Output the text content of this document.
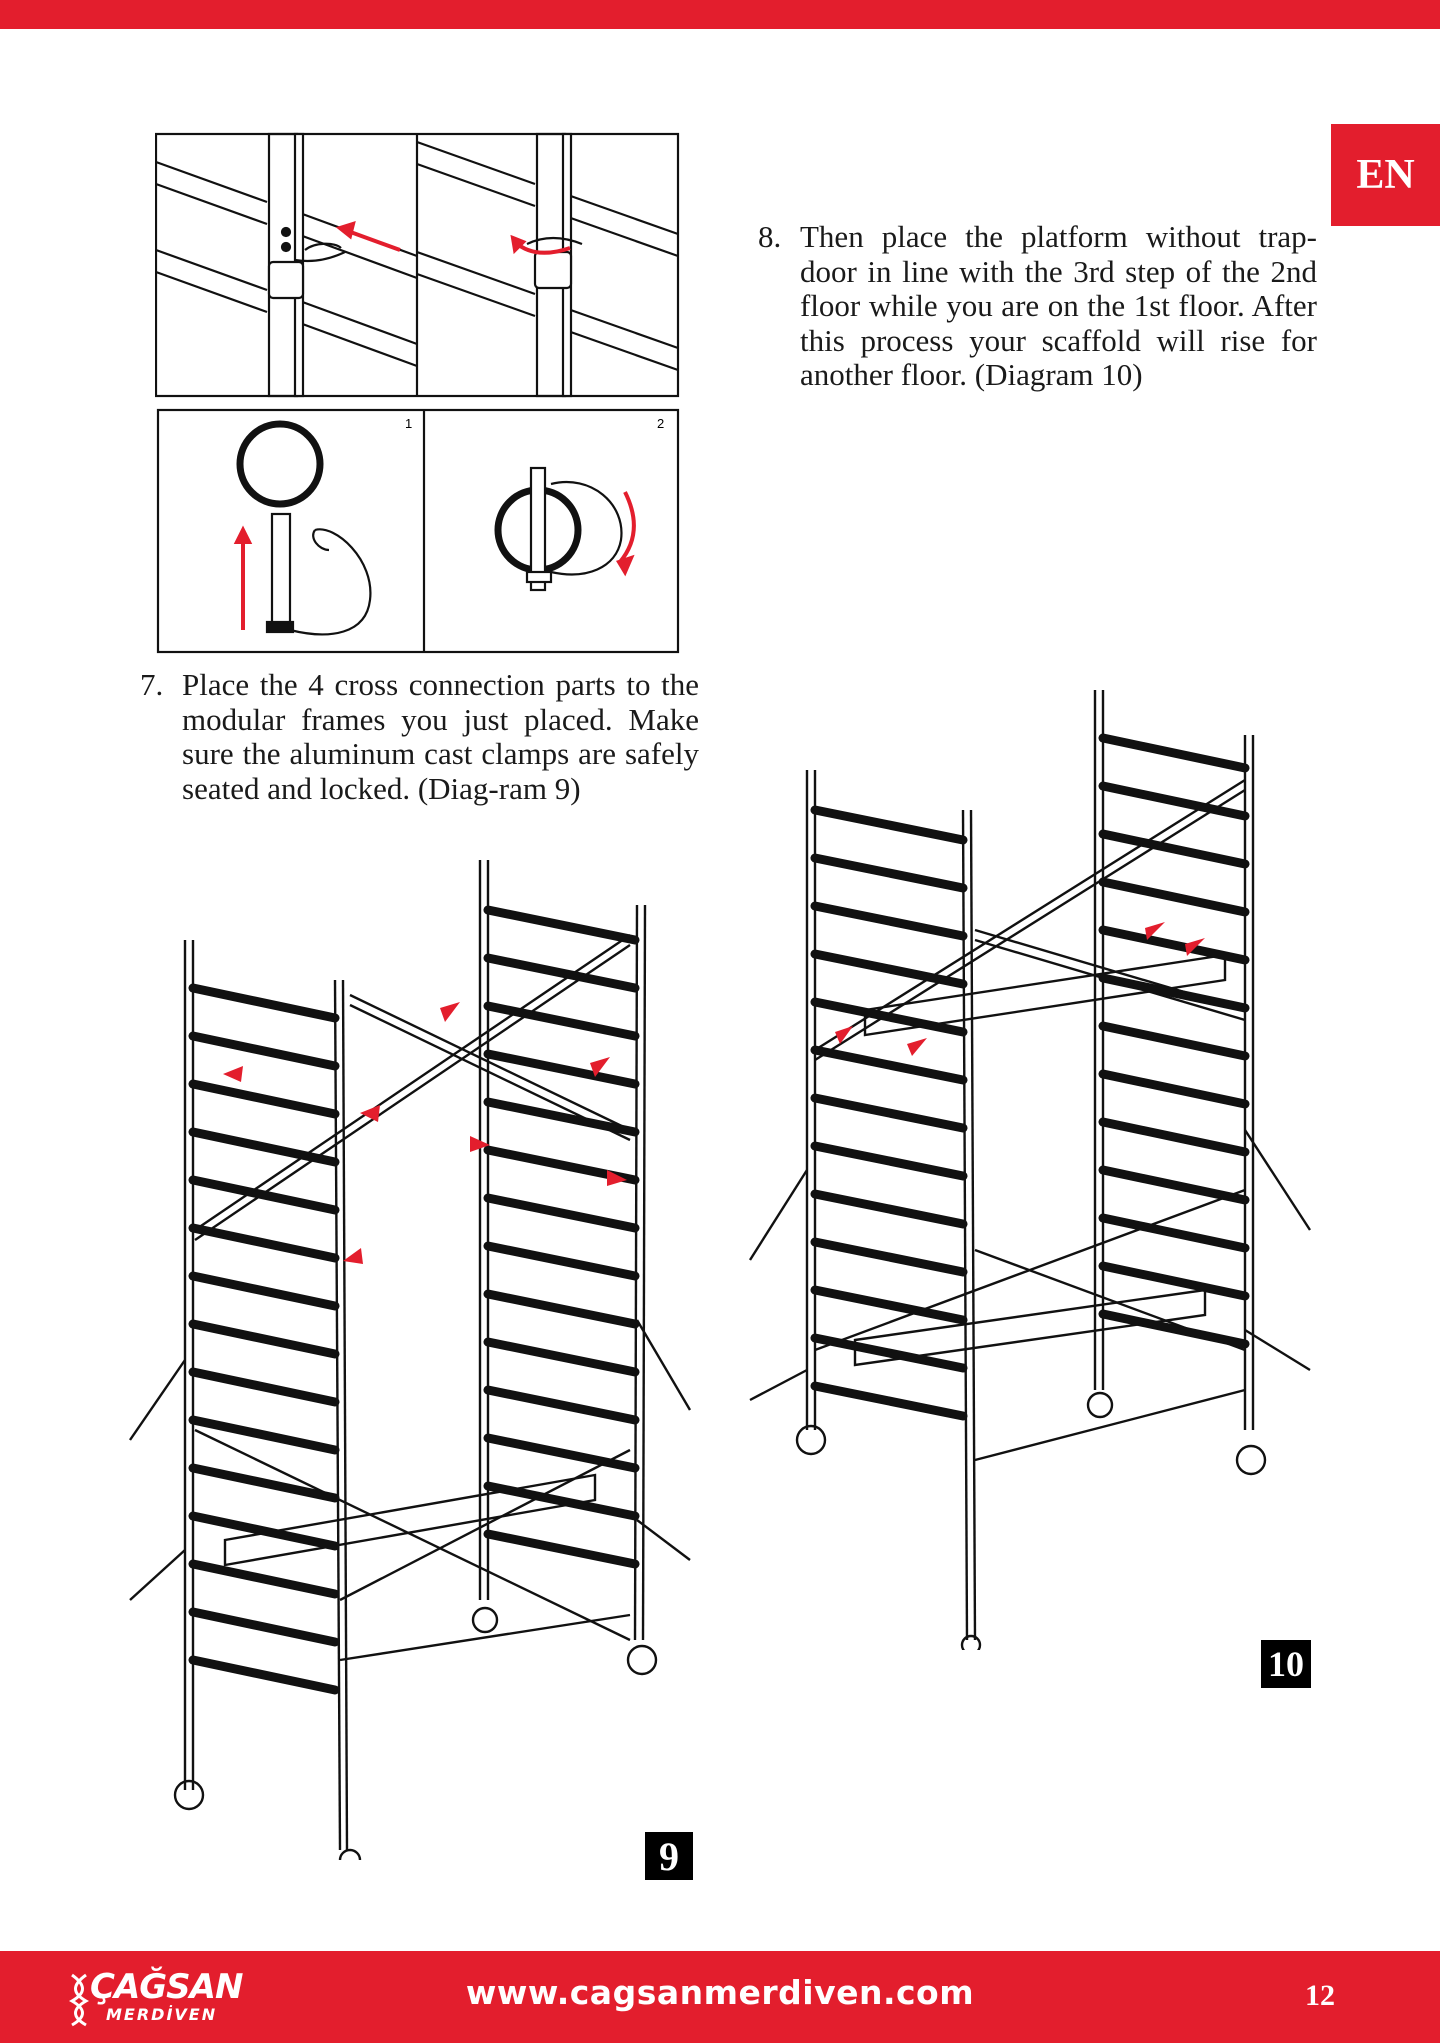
EN
1	2
8. Then place the platform without trap-door in line with the 3rd step of the 2nd floor while you are on the 1st floor. After this process your scaffold will rise for another floor. (Diagram 10)
7. Place the 4 cross connection parts to the modular frames you just placed. Make sure the aluminum cast clamps are safely seated and locked. (Diag-ram 9)
9
10
ÇAĞSAN
MERDİVEN
www.cagsanmerdiven.com	12
